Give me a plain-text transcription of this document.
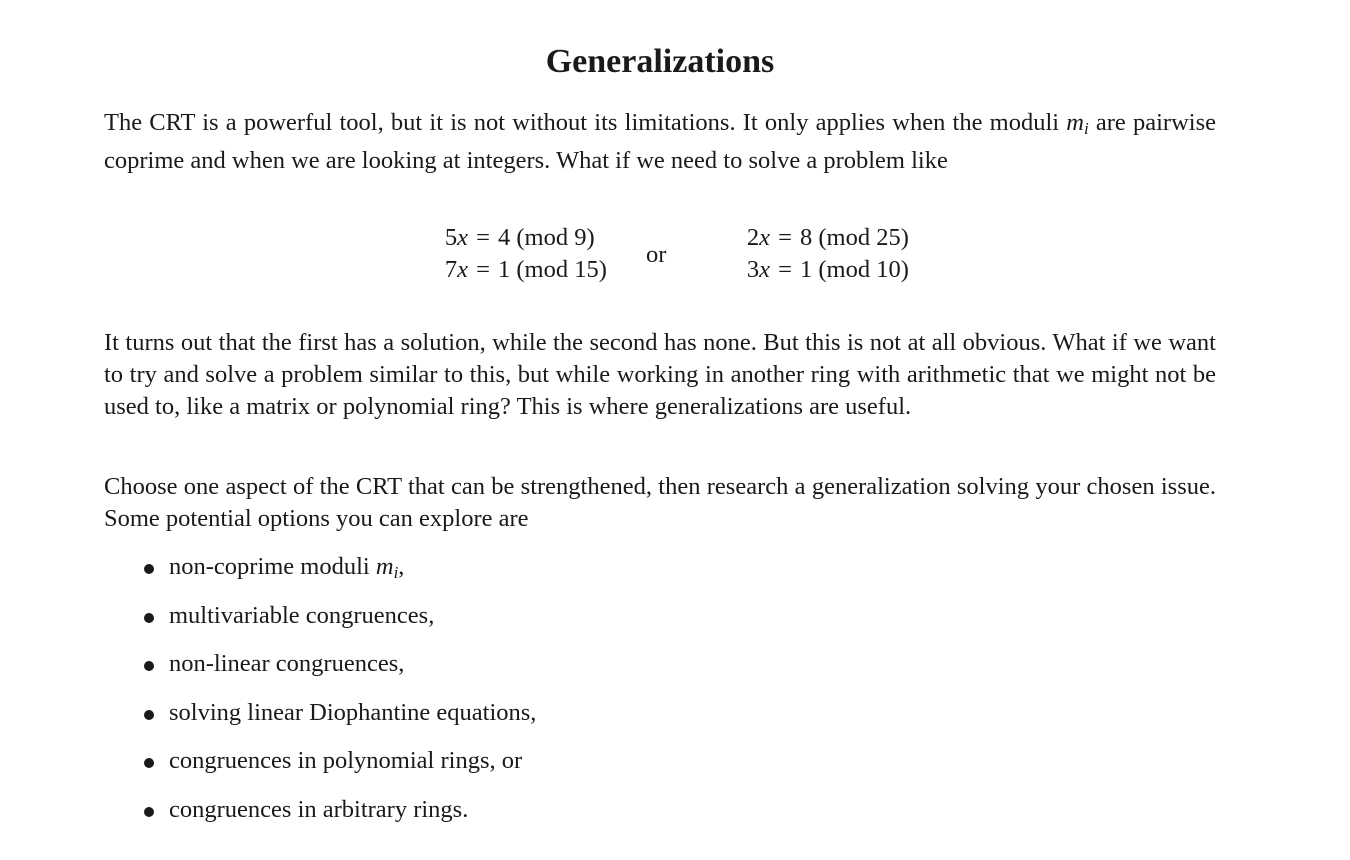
Generalizations

The CRT is a powerful tool, but it is not without its limitations. It only applies when the moduli $m_i$ are pairwise coprime and when we are looking at integers. What if we need to solve a problem like

5x = 4 (mod 9)
7x = 1 (mod 15)
or
2x = 8 (mod 25)
3x = 1 (mod 10)

It turns out that the first has a solution, while the second has none. But this is not at all obvious. What if we want to try and solve a problem similar to this, but while working in another ring with arithmetic that we might not be used to, like a matrix or polynomial ring? This is where generalizations are useful.

Choose one aspect of the CRT that can be strengthened, then research a generalization solving your chosen issue. Some potential options you can explore are

non-coprime moduli $m_i$,
multivariable congruences,
non-linear congruences,
solving linear Diophantine equations,
congruences in polynomial rings, or
congruences in arbitrary rings.
